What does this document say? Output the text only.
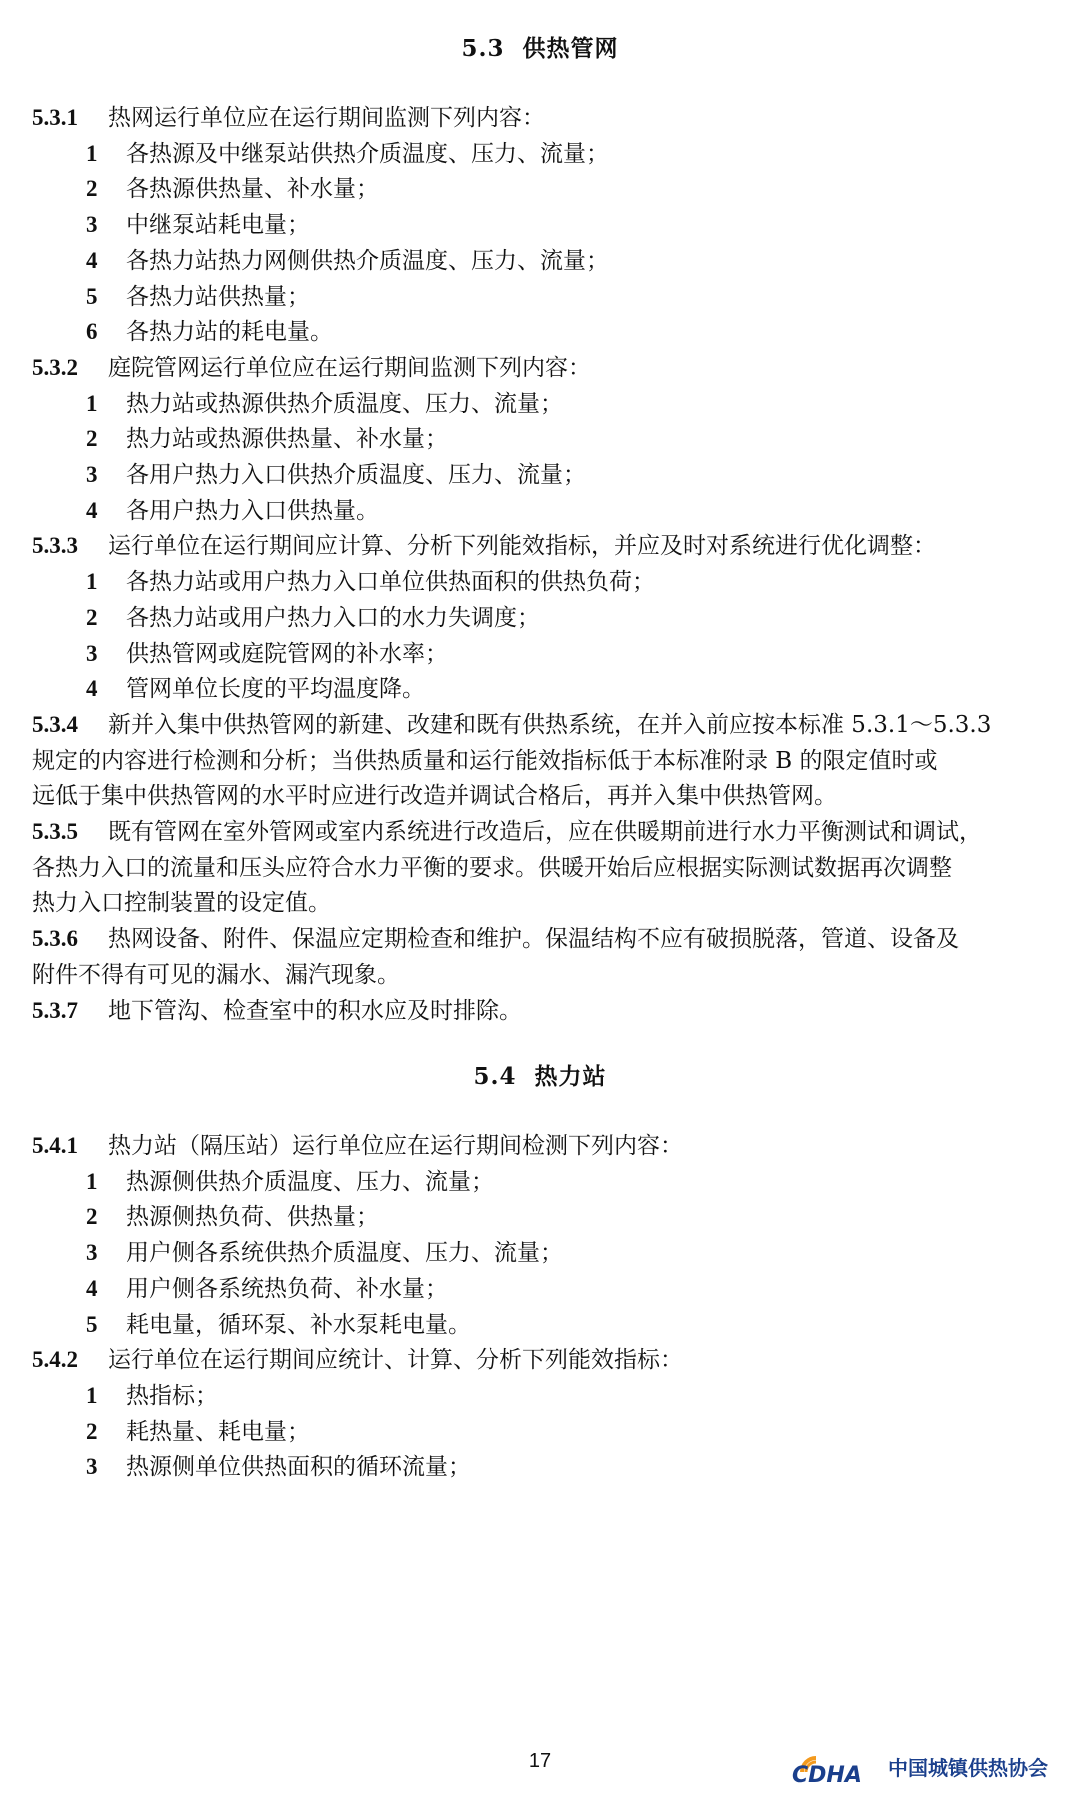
5.3 供热管网
5.3.1 热网运行单位应在运行期间监测下列内容：
1 各热源及中继泵站供热介质温度、压力、流量；
2 各热源供热量、补水量；
3 中继泵站耗电量；
4 各热力站热力网侧供热介质温度、压力、流量；
5 各热力站供热量；
6 各热力站的耗电量。
5.3.2 庭院管网运行单位应在运行期间监测下列内容：
1 热力站或热源供热介质温度、压力、流量；
2 热力站或热源供热量、补水量；
3 各用户热力入口供热介质温度、压力、流量；
4 各用户热力入口供热量。
5.3.3 运行单位在运行期间应计算、分析下列能效指标，并应及时对系统进行优化调整：
1 各热力站或用户热力入口单位供热面积的供热负荷；
2 各热力站或用户热力入口的水力失调度；
3 供热管网或庭院管网的补水率；
4 管网单位长度的平均温度降。
5.3.4 新并入集中供热管网的新建、改建和既有供热系统，在并入前应按本标准 5.3.1～5.3.3
规定的内容进行检测和分析；当供热质量和运行能效指标低于本标准附录 B 的限定值时或
远低于集中供热管网的水平时应进行改造并调试合格后，再并入集中供热管网。
5.3.5 既有管网在室外管网或室内系统进行改造后，应在供暖期前进行水力平衡测试和调试，
各热力入口的流量和压头应符合水力平衡的要求。供暖开始后应根据实际测试数据再次调整
热力入口控制装置的设定值。
5.3.6 热网设备、附件、保温应定期检查和维护。保温结构不应有破损脱落，管道、设备及
附件不得有可见的漏水、漏汽现象。
5.3.7 地下管沟、检查室中的积水应及时排除。
5.4 热力站
5.4.1 热力站（隔压站）运行单位应在运行期间检测下列内容：
1 热源侧供热介质温度、压力、流量；
2 热源侧热负荷、供热量；
3 用户侧各系统供热介质温度、压力、流量；
4 用户侧各系统热负荷、补水量；
5 耗电量，循环泵、补水泵耗电量。
5.4.2 运行单位在运行期间应统计、计算、分析下列能效指标：
1 热指标；
2 耗热量、耗电量；
3 热源侧单位供热面积的循环流量；
17
CDHA 中国城镇供热协会
